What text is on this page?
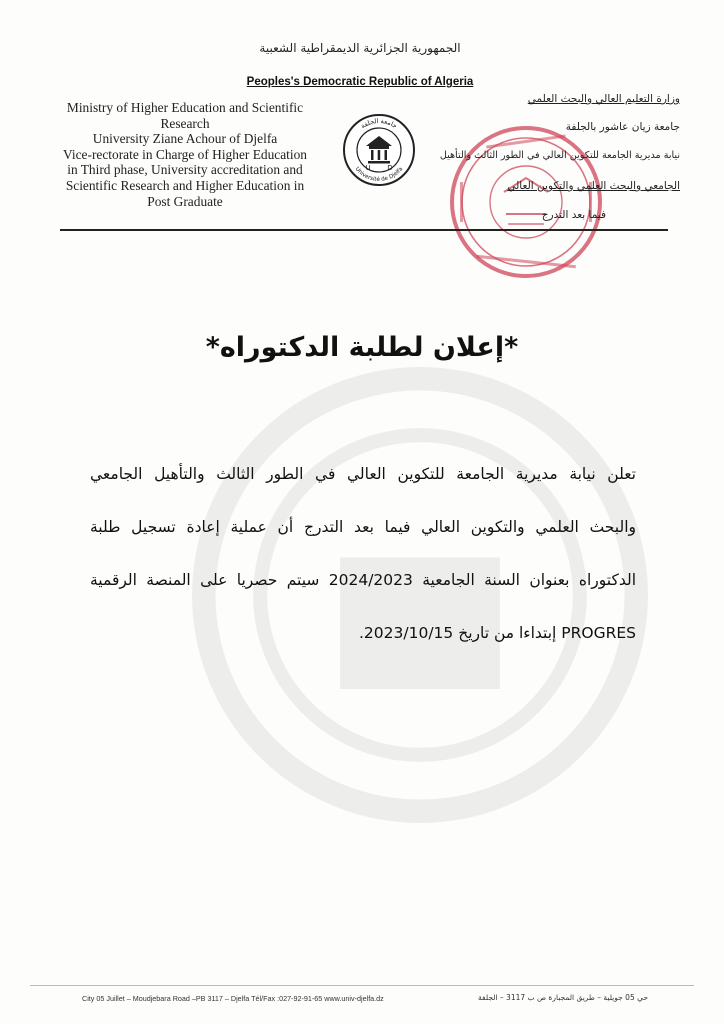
الجمهورية الجزائرية الديمقراطية الشعبية
Peoples's Democratic Republic of Algeria
Ministry of Higher Education and Scientific
Research
University Ziane Achour of Djelfa
Vice-rectorate in Charge of Higher Education
in Third phase, University accreditation and
Scientific Research and Higher Education in
Post Graduate
جامعة الجلفة
Université de Djelfa
U D
وزارة التعليم العالي والبحث العلمي
جامعة زيان عاشور بالجلفة
نيابة مديرية الجامعة للتكوين العالي في الطور الثالث والتأهيل
الجامعي والبحث العلمي والتكوين العالي
فيما بعد التدرج
*إعلان لطلبة الدكتوراه*
تعلن نيابة مديرية الجامعة للتكوين العالي في الطور الثالث والتأهيل الجامعي
والبحث العلمي والتكوين العالي فيما بعد التدرج أن عملية إعادة تسجيل طلبة
الدكتوراه بعنوان السنة الجامعية 2024/2023 سيتم حصريا على المنصة الرقمية
PROGRES إبتداءا من تاريخ 2023/10/15.
City 05 Juillet – Moudjebara Road –PB 3117 – Djelfa Tél/Fax :027-92-91-65 www.univ-djelfa.dz	حي 05 جويلية – طريق المجبارة ص ب 3117 – الجلفة
